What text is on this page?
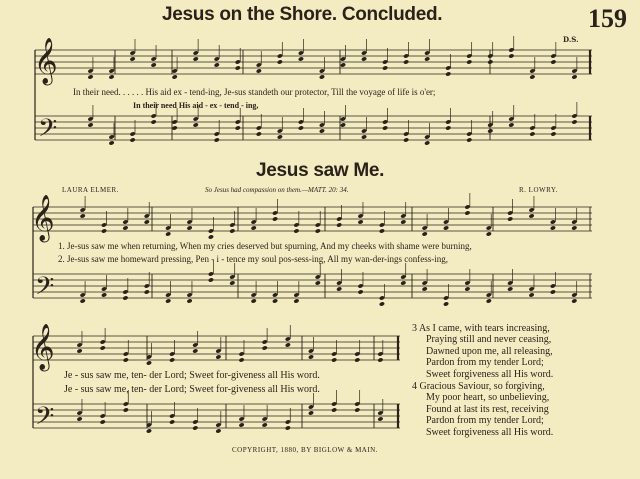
𝄞
𝄢
𝄞
𝄢
𝄞
𝄢
Jesus on the Shore. Concluded.	159
D.S.
In their need. . . . . . His aid ex - tend-ing, Je-sus standeth our protector, Till the voyage of life is o'er;
In their need His aid - ex - tend - ing,
Jesus saw Me.
LAURA ELMER.	So Jesus had compassion on them.—MATT. 20: 34.	R. LOWRY.
1. Je-sus saw me when returning, When my cries deserved but spurning, And my cheeks with shame were burning,
2. Je-sus saw me homeward pressing, Pen - i - tence my soul pos-sess-ing, All my wan-der-ings confess-ing,
Je - sus saw me, ten- der Lord; Sweet for-giveness all His word.
Je - sus saw me, ten- der Lord; Sweet for-giveness all His word.
3 As I came, with tears increasing,
Praying still and never ceasing,
Dawned upon me, all releasing,
Pardon from my tender Lord;
Sweet forgiveness all His word.
4 Gracious Saviour, so forgiving,
My poor heart, so unbelieving,
Found at last its rest, receiving
Pardon from my tender Lord;
Sweet forgiveness all His word.
COPYRIGHT, 1880, BY BIGLOW & MAIN.
